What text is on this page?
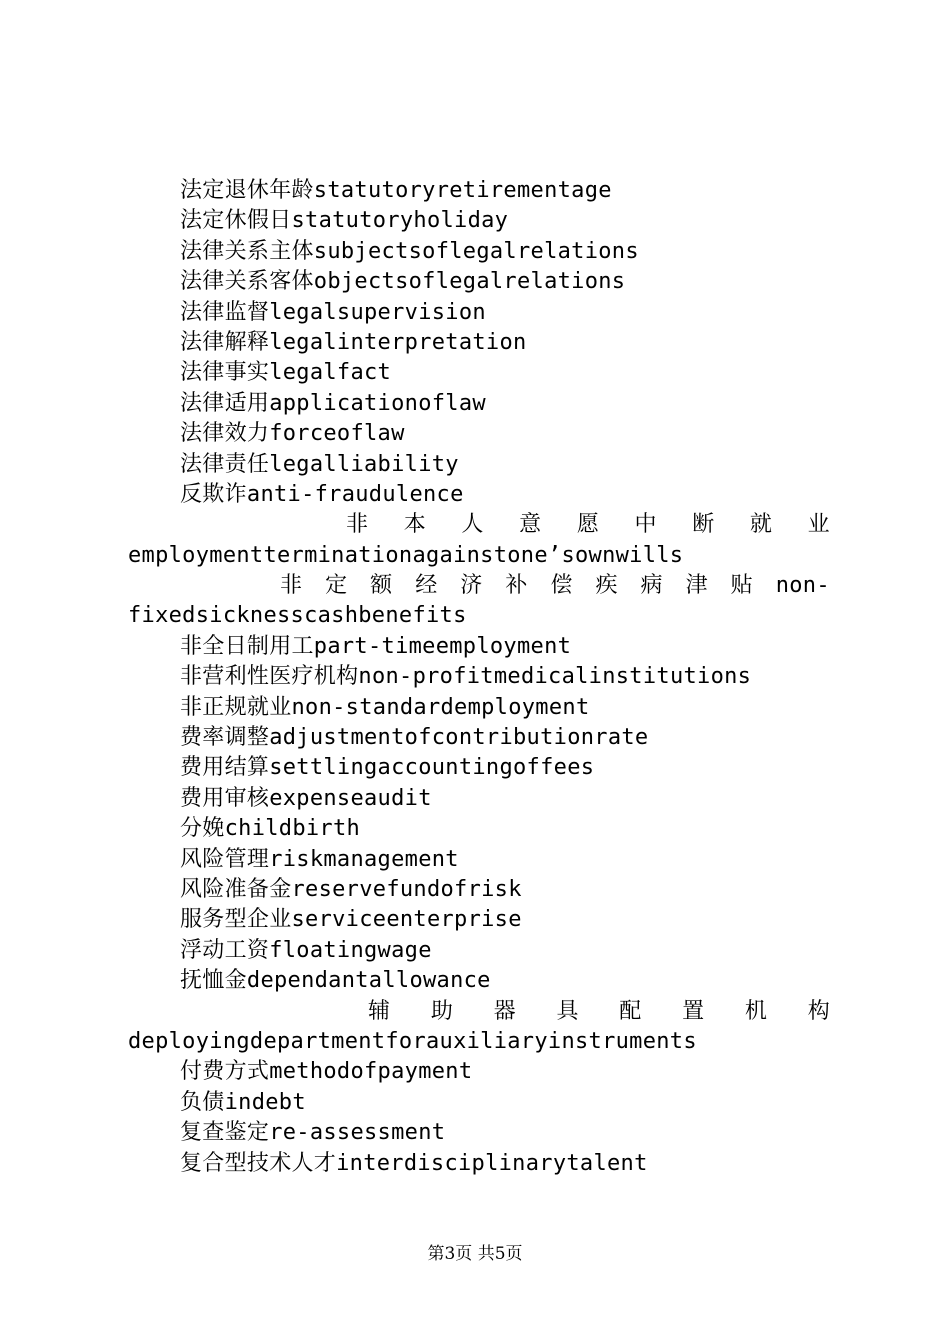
法定退休年龄statutoryretirementage
法定休假日statutoryholiday
法律关系主体subjectsoflegalrelations
法律关系客体objectsoflegalrelations
法律监督legalsupervision
法律解释legalinterpretation
法律事实legalfact
法律适用applicationoflaw
法律效力forceoflaw
法律责任legalliability
反欺诈anti-fraudulence
非 本 人 意 愿 中 断 就 业
employmentterminationagainstone’sownwills
非 定 额 经 济 补 偿 疾 病 津 贴 non-
fixedsicknesscashbenefits
非全日制用工part-timeemployment
非营利性医疗机构non-profitmedicalinstitutions
非正规就业non-standardemployment
费率调整adjustmentofcontributionrate
费用结算settlingaccountingoffees
费用审核expenseaudit
分娩childbirth
风险管理riskmanagement
风险准备金reservefundofrisk
服务型企业serviceenterprise
浮动工资floatingwage
抚恤金dependantallowance
辅 助 器 具 配 置 机 构
deployingdepartmentforauxiliaryinstruments
付费方式methodofpayment
负债indebt
复查鉴定re-assessment
复合型技术人才interdisciplinarytalent
第3页 共5页
